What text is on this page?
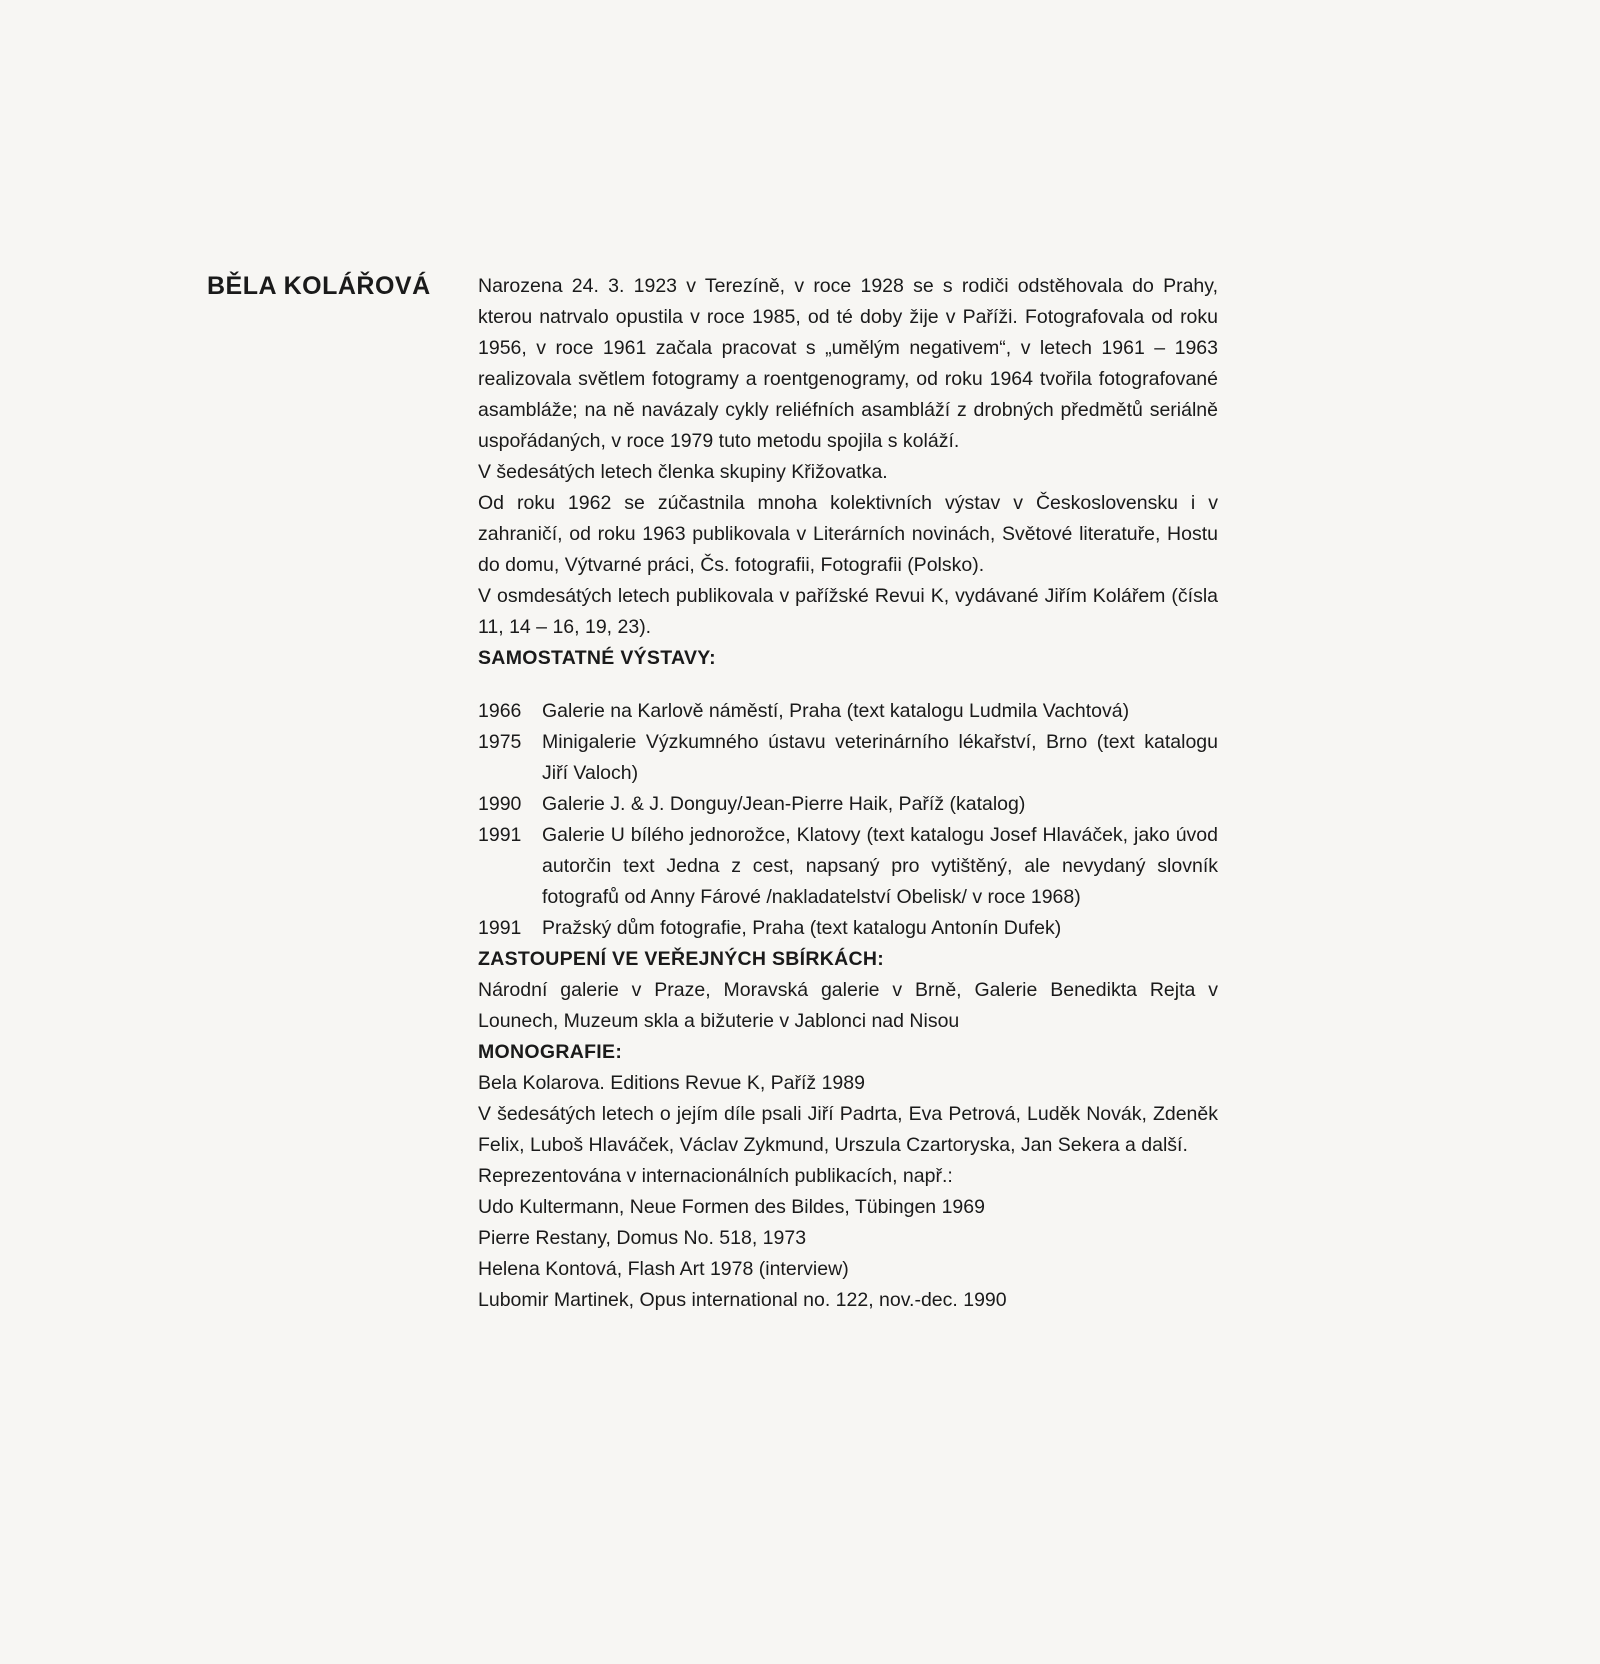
BĚLA KOLÁŘOVÁ Narozena 24. 3. 1923 v Terezíně, v roce 1928 se s rodiči odstěhovala do Prahy, kterou natrvalo opustila v roce 1985, od té doby žije v Paříži. Fotografovala od roku 1956, v roce 1961 začala pracovat s „umělým negativem“, v letech 1961 – 1963 realizovala světlem fotogramy a roentgenogramy, od roku 1964 tvořila fotografované asambláže; na ně navázaly cykly reliéfních asambláží z drobných předmětů seriálně uspořádaných, v roce 1979 tuto metodu spojila s koláží.

V šedesátých letech členka skupiny Křižovatka.

Od roku 1962 se zúčastnila mnoha kolektivních výstav v Československu i v zahraničí, od roku 1963 publikovala v Literárních novinách, Světové literatuře, Hostu do domu, Výtvarné práci, Čs. fotografii, Fotografii (Polsko).

V osmdesátých letech publikovala v pařížské Revui K, vydávané Jiřím Kolářem (čísla 11, 14 – 16, 19, 23).

SAMOSTATNÉ VÝSTAVY:

1966	Galerie na Karlově náměstí, Praha (text katalogu Ludmila Vachtová)
1975	Minigalerie Výzkumného ústavu veterinárního lékařství, Brno (text katalogu Jiří Valoch)
1990	Galerie J. & J. Donguy/Jean-Pierre Haik, Paříž (katalog)
1991	Galerie U bílého jednorožce, Klatovy (text katalogu Josef Hlaváček, jako úvod autorčin text Jedna z cest, napsaný pro vytištěný, ale nevydaný slovník fotografů od Anny Fárové /nakladatelství Obelisk/ v roce 1968)
1991	Pražský dům fotografie, Praha (text katalogu Antonín Dufek)

ZASTOUPENÍ VE VEŘEJNÝCH SBÍRKÁCH:

Národní galerie v Praze, Moravská galerie v Brně, Galerie Benedikta Rejta v Lounech, Muzeum skla a bižuterie v Jablonci nad Nisou

MONOGRAFIE:

Bela Kolarova. Editions Revue K, Paříž 1989

V šedesátých letech o jejím díle psali Jiří Padrta, Eva Petrová, Luděk Novák, Zdeněk Felix, Luboš Hlaváček, Václav Zykmund, Urszula Czartoryska, Jan Sekera a další.

Reprezentována v internacionálních publikacích, např.:

Udo Kultermann, Neue Formen des Bildes, Tübingen 1969

Pierre Restany, Domus No. 518, 1973

Helena Kontová, Flash Art 1978 (interview)

Lubomir Martinek, Opus international no. 122, nov.-dec. 1990
